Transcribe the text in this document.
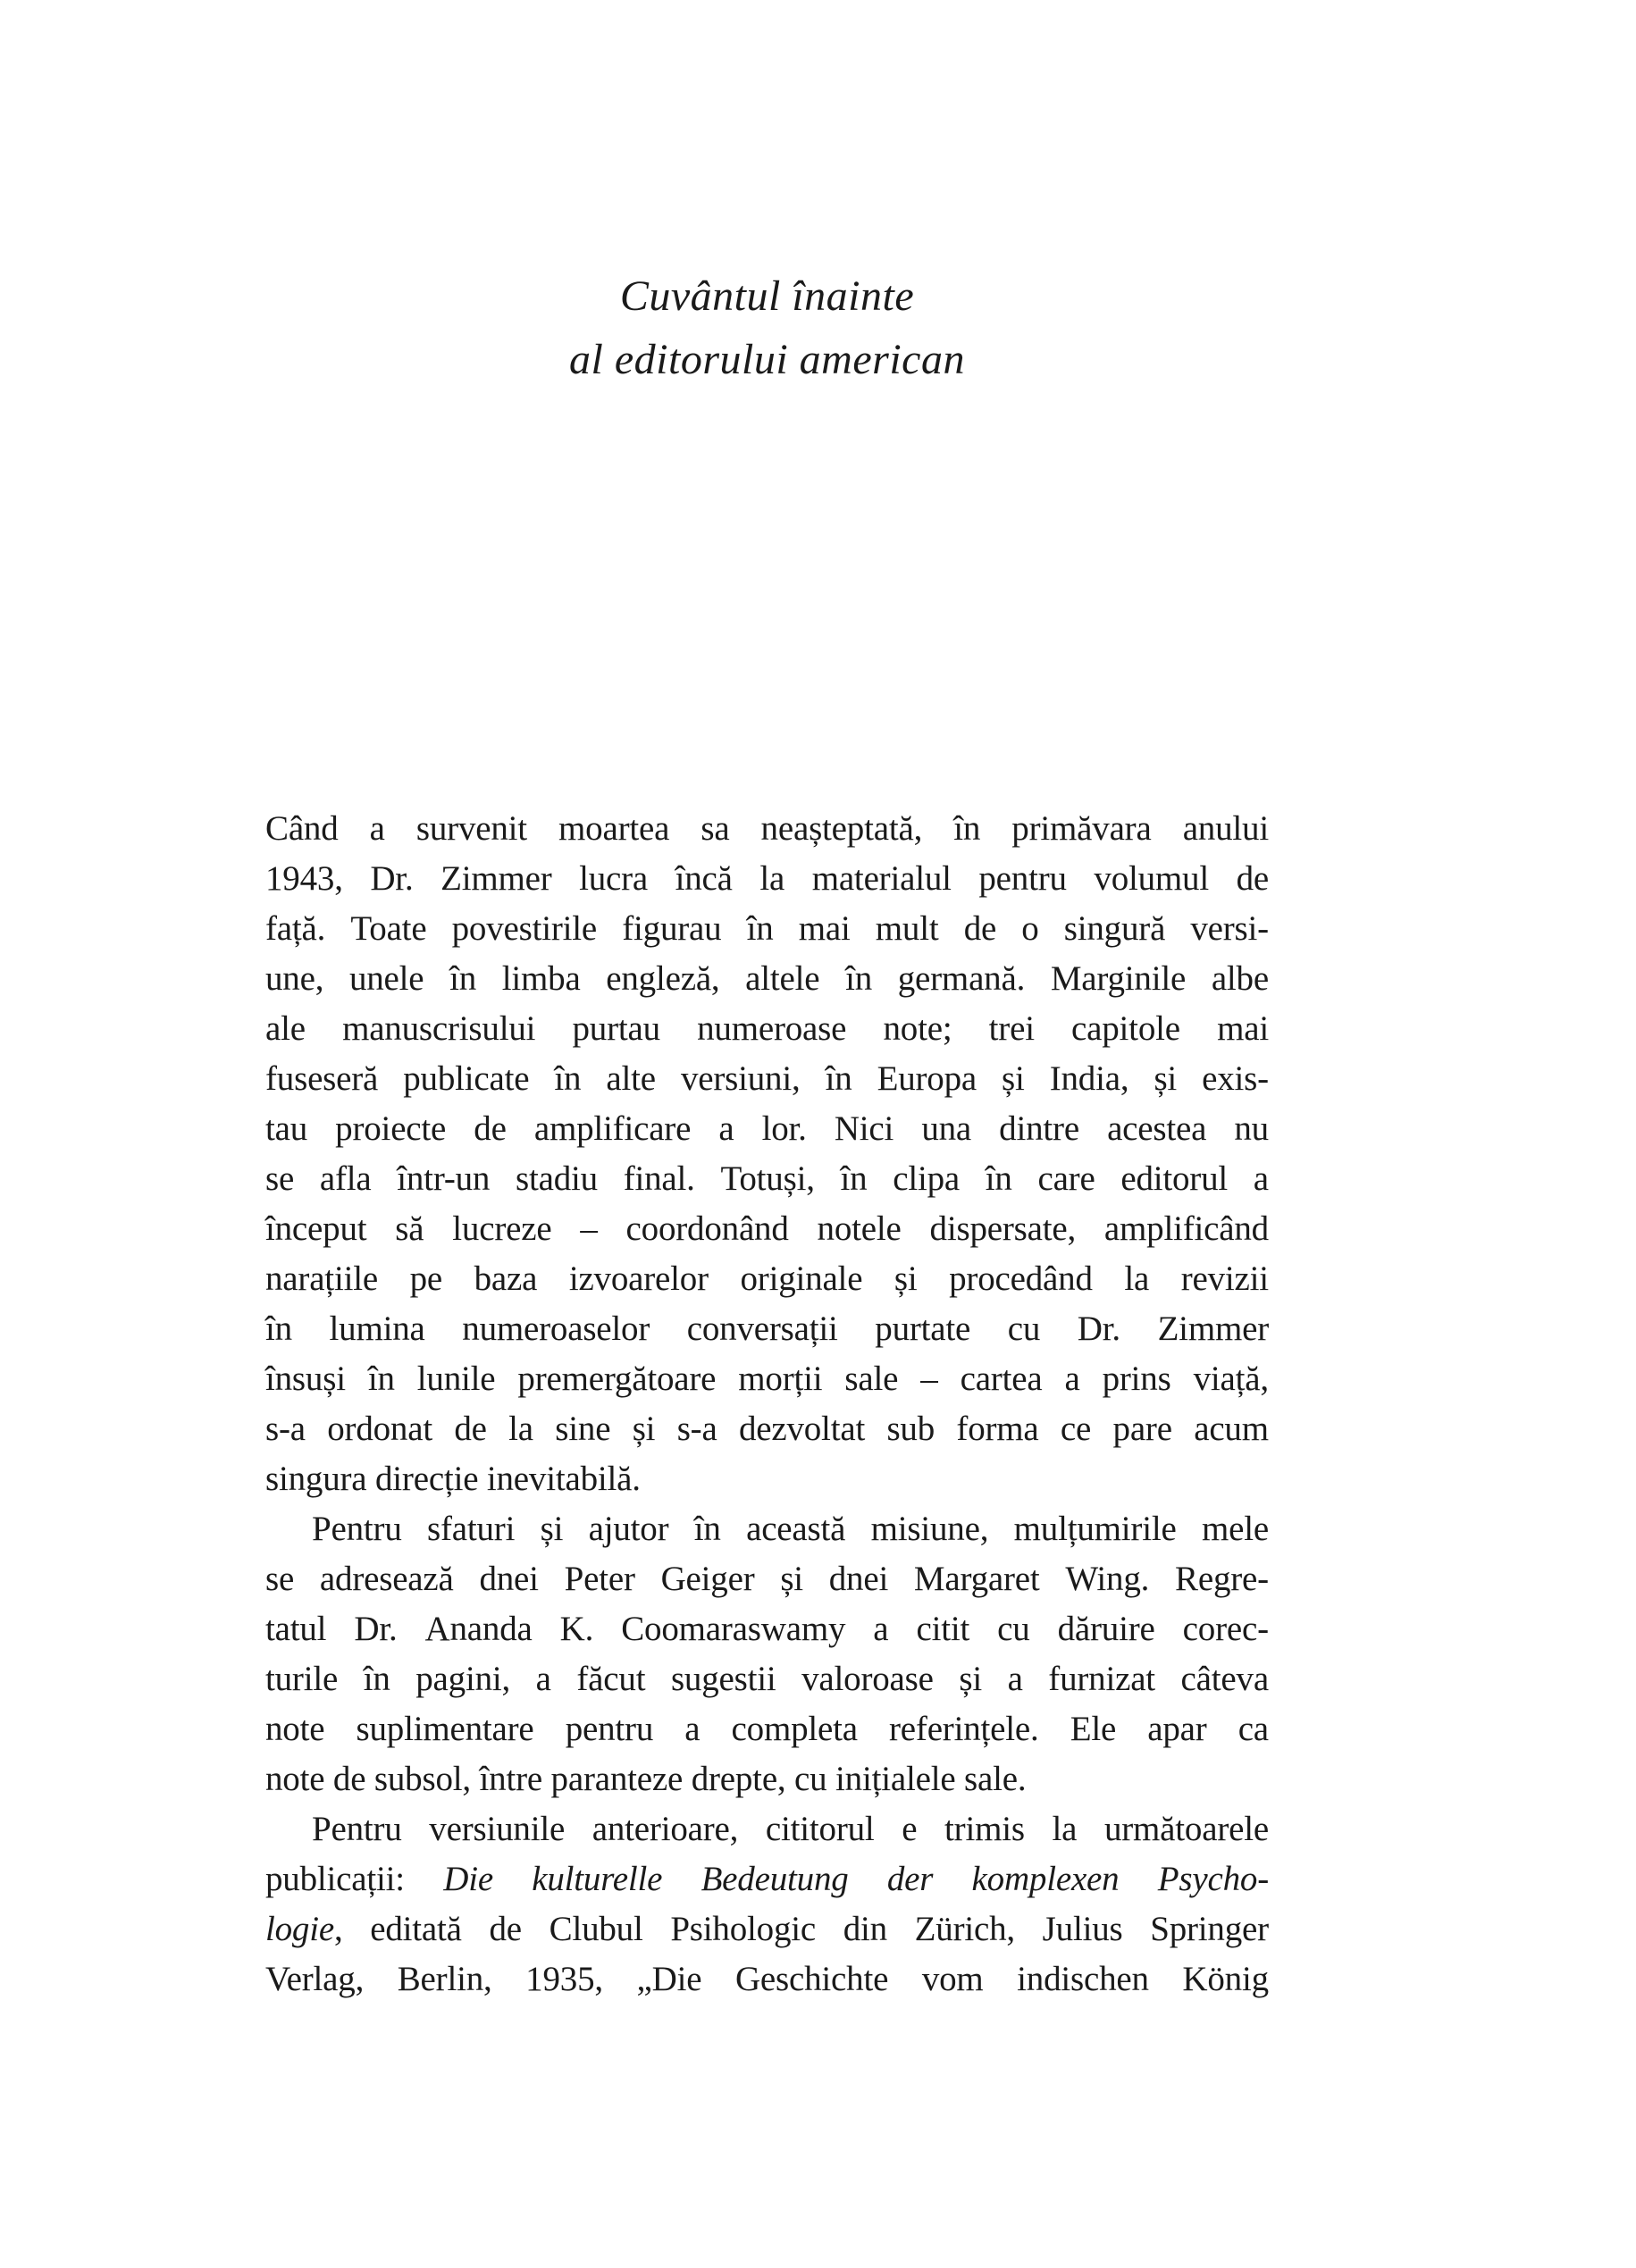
Cuvântul înainte
al editorului american
Când a survenit moartea sa neașteptată, în primăvara anului
1943, Dr. Zimmer lucra încă la materialul pentru volumul de
față. Toate povestirile figurau în mai mult de o singură versi-
une, unele în limba engleză, altele în germană. Marginile albe
ale manuscrisului purtau numeroase note; trei capitole mai
fuseseră publicate în alte versiuni, în Europa și India, și exis-
tau proiecte de amplificare a lor. Nici una dintre acestea nu
se afla într-un stadiu final. Totuși, în clipa în care editorul a
început să lucreze – coordonând notele dispersate, amplificând
narațiile pe baza izvoarelor originale și procedând la revizii
în lumina numeroaselor conversații purtate cu Dr. Zimmer
însuși în lunile premergătoare morții sale – cartea a prins viață,
s-a ordonat de la sine și s-a dezvoltat sub forma ce pare acum
singura direcție inevitabilă.
Pentru sfaturi și ajutor în această misiune, mulțumirile mele
se adresează dnei Peter Geiger și dnei Margaret Wing. Regre-
tatul Dr. Ananda K. Coomaraswamy a citit cu dăruire corec-
turile în pagini, a făcut sugestii valoroase și a furnizat câteva
note suplimentare pentru a completa referințele. Ele apar ca
note de subsol, între paranteze drepte, cu inițialele sale.
Pentru versiunile anterioare, cititorul e trimis la următoarele
publicații: Die kulturelle Bedeutung der komplexen Psycho-
logie, editată de Clubul Psihologic din Zürich, Julius Springer
Verlag, Berlin, 1935, „Die Geschichte vom indischen König
